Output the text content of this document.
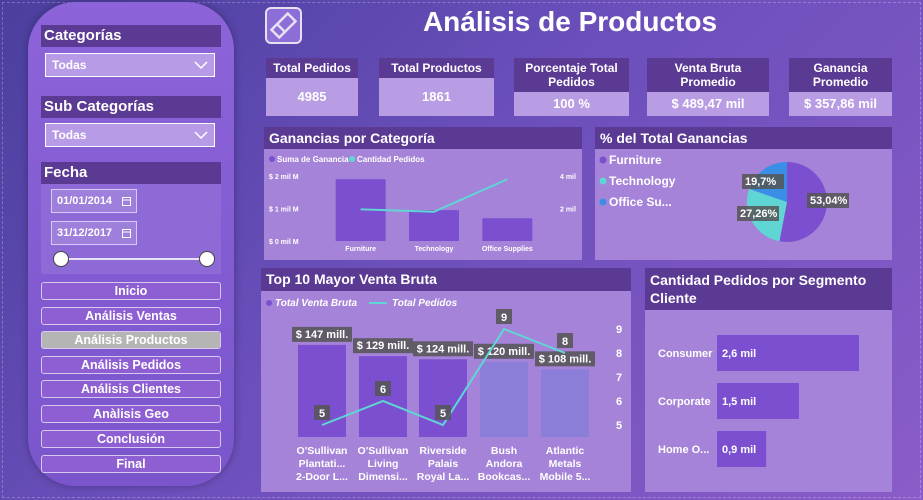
Categorías
Todas
Sub Categorías
Todas
Fecha
01/01/2014
31/12/2017
Inicio
Análisis Ventas
Análisis Productos
Análisis Pedidos
Análisis Clientes
Anàlisis Geo
Conclusión
Final
Análisis de Productos
Total Pedidos
4985
Total Productos
1861
Porcentaje Total Pedidos
100 %
Venta Bruta Promedio
$ 489,47 mil
Ganancia Promedio
$ 357,86 mil
Ganancias por Categoría
Suma de Ganancia Cantidad Pedidos
$ 2 mil M
$ 1 mil M
$ 0 mil M
4 mil
2 mil
Furniture	Technology	Office Supplies
% del Total Ganancias
Furniture
Technology
Office Su...	53,04%
27,26%
19,7%
Top 10 Mayor Venta Bruta
Total Venta Bruta	Total Pedidos
9
8
7
6
5
$ 147 mill.
O'Sullivan
Plantati...
2-Door L...
$ 129 mill.
O'Sullivan
Living
Dimensi...
$ 124 mill.
Riverside
Palais
Royal La...
$ 120 mill.
Bush
Andora
Bookcas...
$ 108 mill.
Atlantic
Metals
Mobile 5...
5
6
5
9
8
Cantidad Pedidos por Segmento Cliente
Consumer 2,6 mil
Corporate 1,5 mil
Home O... 0,9 mil
